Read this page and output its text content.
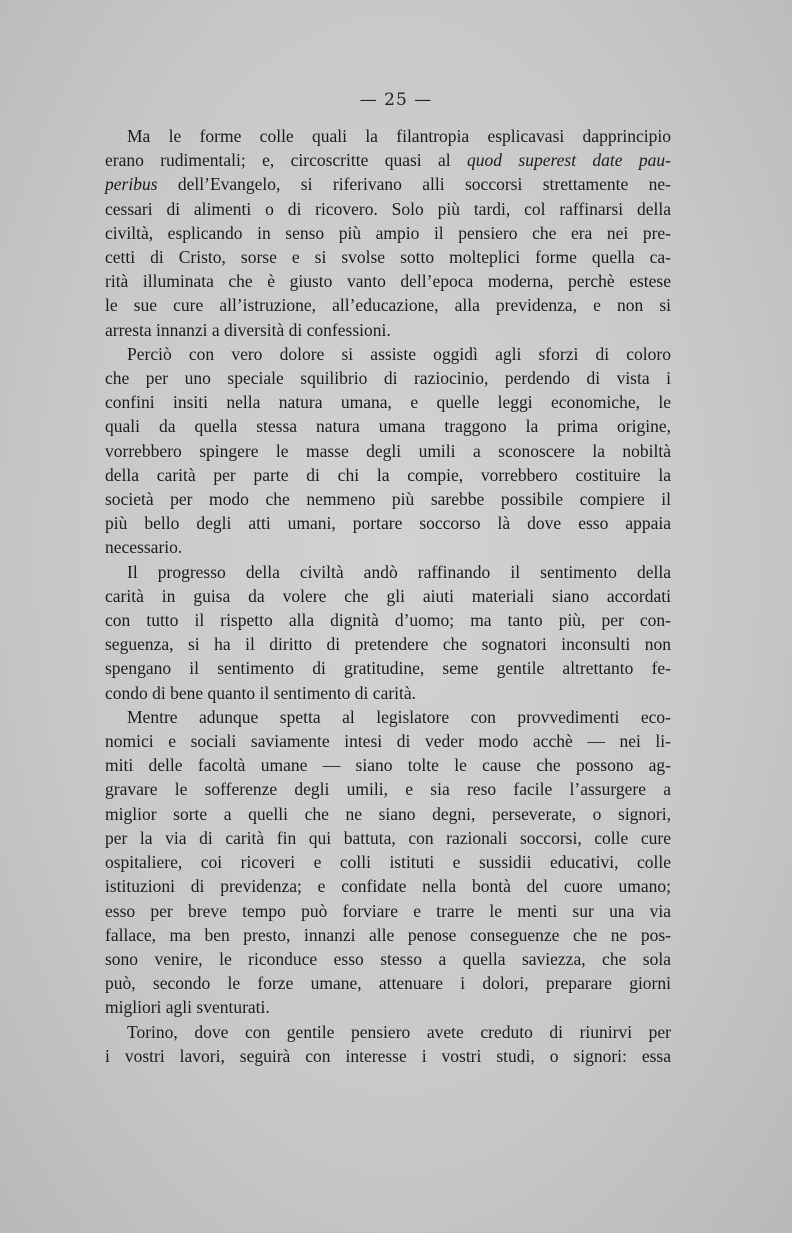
— 25 —

Ma le forme colle quali la filantropia esplicavasi dapprincipio
erano rudimentali; e, circoscritte quasi al quod superest date pau-
peribus dell’Evangelo, si riferivano alli soccorsi strettamente ne-
cessari di alimenti o di ricovero. Solo più tardi, col raffinarsi della
civiltà, esplicando in senso più ampio il pensiero che era nei pre-
cetti di Cristo, sorse e si svolse sotto molteplici forme quella ca-
rità illuminata che è giusto vanto dell’epoca moderna, perchè estese
le sue cure all’istruzione, all’educazione, alla previdenza, e non si
arresta innanzi a diversità di confessioni.

Perciò con vero dolore si assiste oggidì agli sforzi di coloro
che per uno speciale squilibrio di raziocinio, perdendo di vista i
confini insiti nella natura umana, e quelle leggi economiche, le
quali da quella stessa natura umana traggono la prima origine,
vorrebbero spingere le masse degli umili a sconoscere la nobiltà
della carità per parte di chi la compie, vorrebbero costituire la
società per modo che nemmeno più sarebbe possibile compiere il
più bello degli atti umani, portare soccorso là dove esso appaia
necessario.

Il progresso della civiltà andò raffinando il sentimento della
carità in guisa da volere che gli aiuti materiali siano accordati
con tutto il rispetto alla dignità d’uomo; ma tanto più, per con-
seguenza, si ha il diritto di pretendere che sognatori inconsulti non
spengano il sentimento di gratitudine, seme gentile altrettanto fe-
condo di bene quanto il sentimento di carità.

Mentre adunque spetta al legislatore con provvedimenti eco-
nomici e sociali saviamente intesi di veder modo acchè — nei li-
miti delle facoltà umane — siano tolte le cause che possono ag-
gravare le sofferenze degli umili, e sia reso facile l’assurgere a
miglior sorte a quelli che ne siano degni, perseverate, o signori,
per la via di carità fin qui battuta, con razionali soccorsi, colle cure
ospitaliere, coi ricoveri e colli istituti e sussidii educativi, colle
istituzioni di previdenza; e confidate nella bontà del cuore umano;
esso per breve tempo può forviare e trarre le menti sur una via
fallace, ma ben presto, innanzi alle penose conseguenze che ne pos-
sono venire, le riconduce esso stesso a quella saviezza, che sola
può, secondo le forze umane, attenuare i dolori, preparare giorni
migliori agli sventurati.

Torino, dove con gentile pensiero avete creduto di riunirvi per
i vostri lavori, seguirà con interesse i vostri studi, o signori: essa
